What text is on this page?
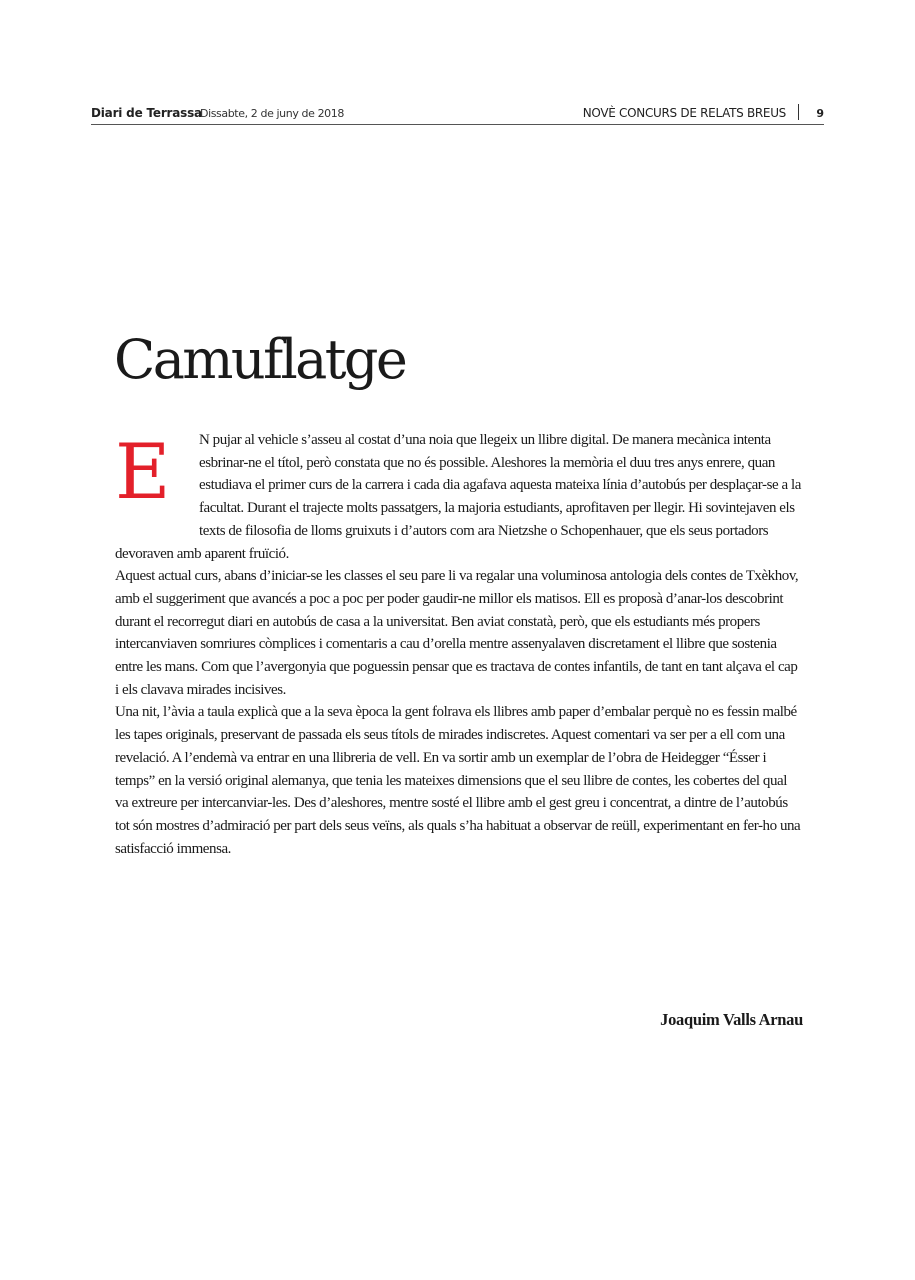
Diari de Terrassa
Dissabte, 2 de juny de 2018	NOVÈ CONCURS DE RELATS BREUS	9
Camuflatge
E	N pujar al vehicle s’asseu al costat d’una noia que llegeix un llibre digital. De manera mecànica intenta esbrinar-ne el títol, però constata que no és possible. Aleshores la memòria el duu tres anys enrere, quan estudiava el primer curs de la carrera i cada dia agafava aquesta mateixa línia d’autobús per desplaçar-se a la facultat. Durant el trajecte molts passatgers, la majoria estudiants, aprofitaven per llegir. Hi sovintejaven els texts de filosofia de lloms gruixuts i d’autors com ara Nietzshe o Schopenhauer, que els seus portadors devoraven amb aparent fruïció.

Aquest actual curs, abans d’iniciar-se les classes el seu pare li va regalar una voluminosa antologia dels contes de Txèkhov, amb el suggeriment que avancés a poc a poc per poder gaudir-ne millor els matisos. Ell es proposà d’anar-los descobrint durant el recorregut diari en autobús de casa a la universitat. Ben aviat constatà, però, que els estudiants més propers intercanviaven somriures còmplices i comentaris a cau d’orella mentre assenyalaven discretament el llibre que sostenia entre les mans. Com que l’avergonyia que poguessin pensar que es tractava de contes infantils, de tant en tant alçava el cap i els clavava mirades incisives.

Una nit, l’àvia a taula explicà que a la seva època la gent folrava els llibres amb paper d’embalar perquè no es fessin malbé les tapes originals, preservant de passada els seus títols de mirades indiscretes. Aquest comentari va ser per a ell com una revelació. A l’endemà va entrar en una llibreria de vell. En va sortir amb un exemplar de l’obra de Heidegger “Ésser i temps” en la versió original alemanya, que tenia les mateixes dimensions que el seu llibre de contes, les cobertes del qual va extreure per intercanviar-les. Des d’aleshores, mentre sosté el llibre amb el gest greu i concentrat, a dintre de l’autobús tot són mostres d’admiració per part dels seus veïns, als quals s’ha habituat a observar de reüll, experimentant en fer-ho una satisfacció immensa.

Joaquim Valls Arnau
